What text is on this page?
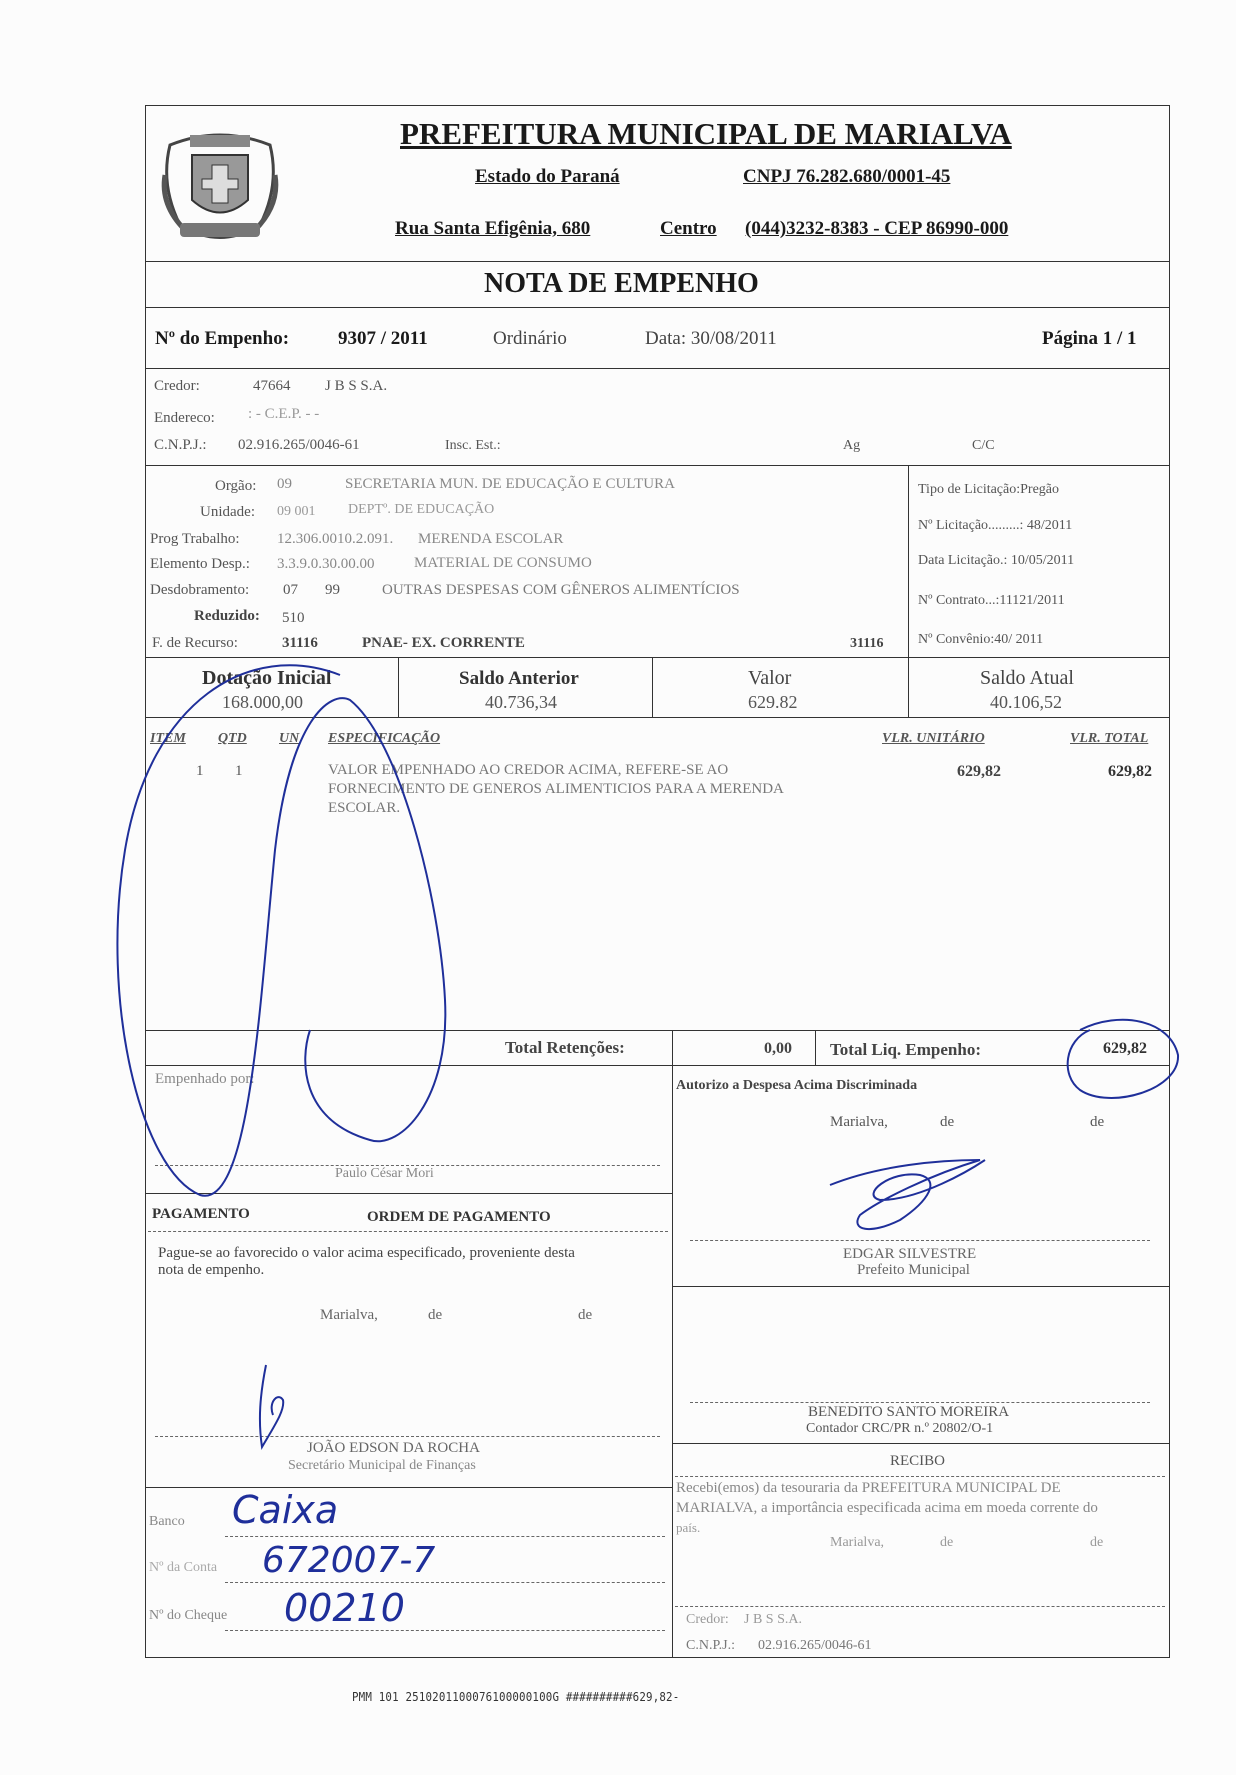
PREFEITURA MUNICIPAL DE MARIALVA
Estado do Paraná	CNPJ 76.282.680/0001-45
Rua Santa Efigênia, 680	Centro (044)3232-8383 - CEP 86990-000
NOTA DE EMPENHO
Nº do Empenho:	9307 / 2011	Ordinário	Data: 30/08/2011	Página 1 / 1
Credor:	47664 J B S S.A.
Endereco: : - C.E.P. - -
C.N.P.J.: 02.916.265/0046-61	Insc. Est.:	Ag	C/C
Orgão: 09	SECRETARIA MUN. DE EDUCAÇÃO E CULTURA
Unidade: 09 001 DEPTº. DE EDUCAÇÃO
Prog Trabalho: 12.306.0010.2.091. MERENDA ESCOLAR
Elemento Desp.: 3.3.9.0.30.00.00	MATERIAL DE CONSUMO
Desdobramento: 07 99	OUTRAS DESPESAS COM GÊNEROS ALIMENTÍCIOS
Reduzido: 510
F. de Recurso:	31116	PNAE- EX. CORRENTE	31116
Tipo de Licitação:Pregão
Nº Licitação.........: 48/2011
Data Licitação.: 10/05/2011
Nº Contrato...:11121/2011
Nº Convênio:40/ 2011
Dotação Inicial
168.000,00
Saldo Anterior
40.736,34
Valor
629.82
Saldo Atual
40.106,52
ITEM QTD UN ESPECIFICAÇÃO	VLR. UNITÁRIO	VLR. TOTAL
1 1	VALOR EMPENHADO AO CREDOR ACIMA, REFERE-SE AO
FORNECIMENTO DE GENEROS ALIMENTICIOS PARA A MERENDA
ESCOLAR.
629,82	629,82
Total Retenções:	0,00 Total Liq. Empenho:	629,82
Empenhado por:
Paulo César Mori
Autorizo a Despesa Acima Discriminada
Marialva,	de	de
EDGAR SILVESTRE
Prefeito Municipal
PAGAMENTO	ORDEM DE PAGAMENTO
Pague-se ao favorecido o valor acima especificado, proveniente desta
nota de empenho.
Marialva,	de	de
JOÃO EDSON DA ROCHA
Secretário Municipal de Finanças
BENEDITO SANTO MOREIRA
Contador CRC/PR n.º 20802/O-1
RECIBO
Recebi(emos) da tesouraria da PREFEITURA MUNICIPAL DE
MARIALVA, a importância especificada acima em moeda corrente do
país.
Marialva,	de	de
Credor: J B S S.A.
C.N.P.J.: 02.916.265/0046-61
Banco Caixa
Nº da Conta 672007-7
Nº do Cheque 00210
PMM 101 2510201100076100000100G ##########629,82-
